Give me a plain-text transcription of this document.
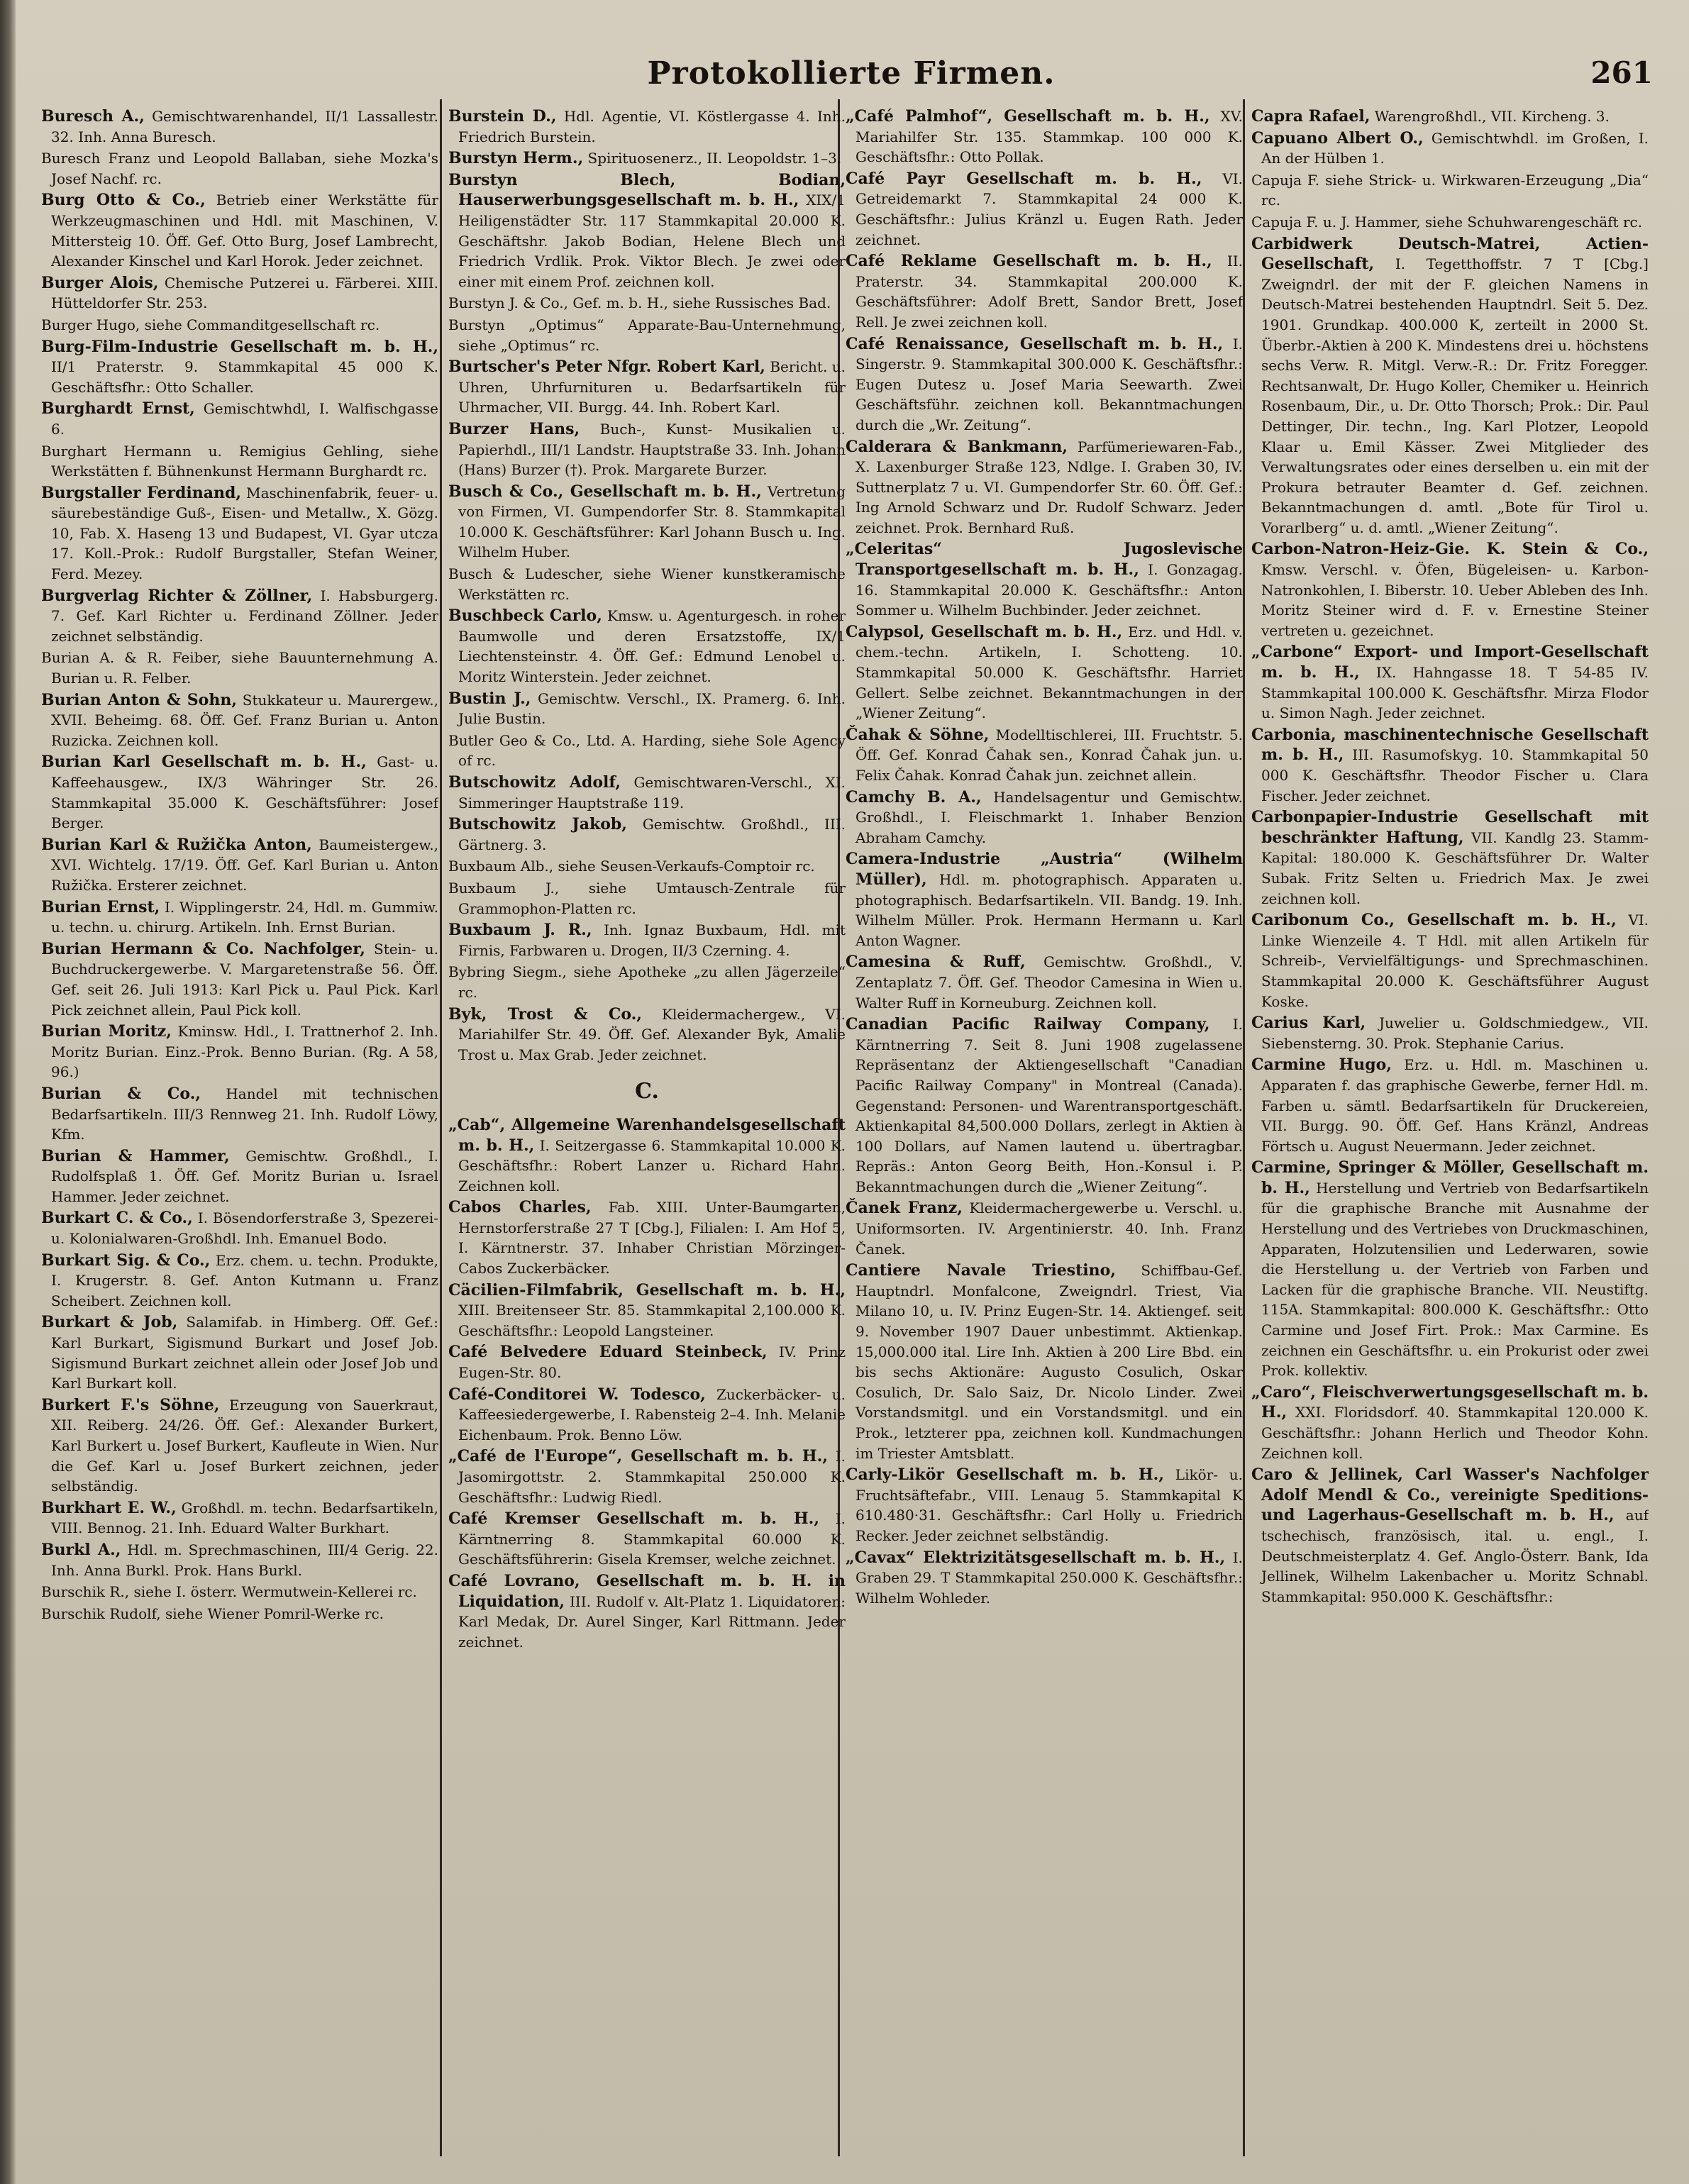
Protokollierte Firmen.	261
Buresch A., Gemischtwarenhandel, II/1 Lassallestr. 32. Inh. Anna Buresch.
Buresch Franz und Leopold Ballaban, siehe Mozka's Josef Nachf. rc.
Burg Otto & Co., Betrieb einer Werkstätte für Werkzeugmaschinen und Hdl. mit Maschinen, V. Mittersteig 10. Öff. Gef. Otto Burg, Josef Lambrecht, Alexander Kinschel und Karl Horok. Jeder zeichnet.
Burger Alois, Chemische Putzerei u. Färberei. XIII. Hütteldorfer Str. 253.
Burger Hugo, siehe Commanditgesellschaft rc.
Burg-Film-Industrie Gesellschaft m. b. H., II/1 Praterstr. 9. Stammkapital 45 000 K. Geschäftsfhr.: Otto Schaller.
Burghardt Ernst, Gemischtwhdl, I. Walfischgasse 6.
Burghart Hermann u. Remigius Gehling, siehe Werkstätten f. Bühnenkunst Hermann Burghardt rc.
Burgstaller Ferdinand, Maschinenfabrik, feuer- u. säurebeständige Guß-, Eisen- und Metallw., X. Gözg. 10, Fab. X. Haseng 13 und Budapest, VI. Gyar utcza 17. Koll.-Prok.: Rudolf Burgstaller, Stefan Weiner, Ferd. Mezey.
Burgverlag Richter & Zöllner, I. Habsburgerg. 7. Gef. Karl Richter u. Ferdinand Zöllner. Jeder zeichnet selbständig.
Burian A. & R. Feiber, siehe Bauunternehmung A. Burian u. R. Felber.
Burian Anton & Sohn, Stukkateur u. Maurergew., XVII. Beheimg. 68. Öff. Gef. Franz Burian u. Anton Ruzicka. Zeichnen koll.
Burian Karl Gesellschaft m. b. H., Gast- u. Kaffeehausgew., IX/3 Währinger Str. 26. Stammkapital 35.000 K. Geschäftsführer: Josef Berger.
Burian Karl & Ružička Anton, Baumeistergew., XVI. Wichtelg. 17/19. Öff. Gef. Karl Burian u. Anton Ružička. Ersterer zeichnet.
Burian Ernst, I. Wipplingerstr. 24, Hdl. m. Gummiw. u. techn. u. chirurg. Artikeln. Inh. Ernst Burian.
Burian Hermann & Co. Nachfolger, Stein- u. Buchdruckergewerbe. V. Margaretenstraße 56. Öff. Gef. seit 26. Juli 1913: Karl Pick u. Paul Pick. Karl Pick zeichnet allein, Paul Pick koll.
Burian Moritz, Kminsw. Hdl., I. Trattnerhof 2. Inh. Moritz Burian. Einz.-Prok. Benno Burian. (Rg. A 58, 96.)
Burian & Co., Handel mit technischen Bedarfsartikeln. III/3 Rennweg 21. Inh. Rudolf Löwy, Kfm.
Burian & Hammer, Gemischtw. Großhdl., I. Rudolfsplaß 1. Öff. Gef. Moritz Burian u. Israel Hammer. Jeder zeichnet.
Burkart C. & Co., I. Bösendorferstraße 3, Spezerei- u. Kolonialwaren-Großhdl. Inh. Emanuel Bodo.
Burkart Sig. & Co., Erz. chem. u. techn. Produkte, I. Krugerstr. 8. Gef. Anton Kutmann u. Franz Scheibert. Zeichnen koll.
Burkart & Job, Salamifab. in Himberg. Off. Gef.: Karl Burkart, Sigismund Burkart und Josef Job. Sigismund Burkart zeichnet allein oder Josef Job und Karl Burkart koll.
Burkert F.'s Söhne, Erzeugung von Sauerkraut, XII. Reiberg. 24/26. Öff. Gef.: Alexander Burkert, Karl Burkert u. Josef Burkert, Kaufleute in Wien. Nur die Gef. Karl u. Josef Burkert zeichnen, jeder selbständig.
Burkhart E. W., Großhdl. m. techn. Bedarfsartikeln, VIII. Bennog. 21. Inh. Eduard Walter Burkhart.
Burkl A., Hdl. m. Sprechmaschinen, III/4 Gerig. 22. Inh. Anna Burkl. Prok. Hans Burkl.
Burschik R., siehe I. österr. Wermutwein-Kellerei rc.
Burschik Rudolf, siehe Wiener Pomril-Werke rc.
Burstein D., Hdl. Agentie, VI. Köstlergasse 4. Inh. Friedrich Burstein.
Burstyn Herm., Spirituosenerz., II. Leopoldstr. 1–3.
Burstyn Blech, Bodian, Hauserwerbungsgesellschaft m. b. H., XIX/1 Heiligenstädter Str. 117 Stammkapital 20.000 K. Geschäftshr. Jakob Bodian, Helene Blech und Friedrich Vrdlik. Prok. Viktor Blech. Je zwei oder einer mit einem Prof. zeichnen koll.
Burstyn J. & Co., Gef. m. b. H., siehe Russisches Bad.
Burstyn „Optimus“ Apparate-Bau-Unternehmung, siehe „Optimus“ rc.
Burtscher's Peter Nfgr. Robert Karl, Bericht. u. Uhren, Uhrfurnituren u. Bedarfsartikeln für Uhrmacher, VII. Burgg. 44. Inh. Robert Karl.
Burzer Hans, Buch-, Kunst- Musikalien u. Papierhdl., III/1 Landstr. Hauptstraße 33. Inh. Johann (Hans) Burzer (†). Prok. Margarete Burzer.
Busch & Co., Gesellschaft m. b. H., Vertretung von Firmen, VI. Gumpendorfer Str. 8. Stammkapital 10.000 K. Geschäftsführer: Karl Johann Busch u. Ing. Wilhelm Huber.
Busch & Ludescher, siehe Wiener kunstkeramische Werkstätten rc.
Buschbeck Carlo, Kmsw. u. Agenturgesch. in roher Baumwolle und deren Ersatzstoffe, IX/1 Liechtensteinstr. 4. Öff. Gef.: Edmund Lenobel u. Moritz Winterstein. Jeder zeichnet.
Bustin J., Gemischtw. Verschl., IX. Pramerg. 6. Inh. Julie Bustin.
Butler Geo & Co., Ltd. A. Harding, siehe Sole Agency of rc.
Butschowitz Adolf, Gemischtwaren-Verschl., XI. Simmeringer Hauptstraße 119.
Butschowitz Jakob, Gemischtw. Großhdl., III. Gärtnerg. 3.
Buxbaum Alb., siehe Seusen-Verkaufs-Comptoir rc.
Buxbaum J., siehe Umtausch-Zentrale für Grammophon-Platten rc.
Buxbaum J. R., Inh. Ignaz Buxbaum, Hdl. mit Firnis, Farbwaren u. Drogen, II/3 Czerning. 4.
Bybring Siegm., siehe Apotheke „zu allen Jägerzeile“ rc.
Byk, Trost & Co., Kleidermachergew., VI. Mariahilfer Str. 49. Öff. Gef. Alexander Byk, Amalie Trost u. Max Grab. Jeder zeichnet.
C.
„Cab“, Allgemeine Warenhandelsgesellschaft m. b. H., I. Seitzergasse 6. Stammkapital 10.000 K. Geschäftsfhr.: Robert Lanzer u. Richard Hahn. Zeichnen koll.
Cabos Charles, Fab. XIII. Unter-Baumgarten, Hernstorferstraße 27 T [Cbg.], Filialen: I. Am Hof 5, I. Kärntnerstr. 37. Inhaber Christian Mörzinger-Cabos Zuckerbäcker.
Cäcilien-Filmfabrik, Gesellschaft m. b. H., XIII. Breitenseer Str. 85. Stammkapital 2,100.000 K. Geschäftsfhr.: Leopold Langsteiner.
Café Belvedere Eduard Steinbeck, IV. Prinz Eugen-Str. 80.
Café-Conditorei W. Todesco, Zuckerbäcker- u. Kaffeesiedergewerbe, I. Rabensteig 2–4. Inh. Melanie Eichenbaum. Prok. Benno Löw.
„Café de l'Europe“, Gesellschaft m. b. H., I. Jasomirgottstr. 2. Stammkapital 250.000 K. Geschäftsfhr.: Ludwig Riedl.
Café Kremser Gesellschaft m. b. H., I. Kärntnerring 8. Stammkapital 60.000 K. Geschäftsführerin: Gisela Kremser, welche zeichnet.
Café Lovrano, Gesellschaft m. b. H. in Liquidation, III. Rudolf v. Alt-Platz 1. Liquidatoren: Karl Medak, Dr. Aurel Singer, Karl Rittmann. Jeder zeichnet.
„Café Palmhof“, Gesellschaft m. b. H., XV. Mariahilfer Str. 135. Stammkap. 100 000 K. Geschäftsfhr.: Otto Pollak.
Café Payr Gesellschaft m. b. H., VI. Getreidemarkt 7. Stammkapital 24 000 K. Geschäftsfhr.: Julius Kränzl u. Eugen Rath. Jeder zeichnet.
Café Reklame Gesellschaft m. b. H., II. Praterstr. 34. Stammkapital 200.000 K. Geschäftsführer: Adolf Brett, Sandor Brett, Josef Rell. Je zwei zeichnen koll.
Café Renaissance, Gesellschaft m. b. H., I. Singerstr. 9. Stammkapital 300.000 K. Geschäftsfhr.: Eugen Dutesz u. Josef Maria Seewarth. Zwei Geschäftsführ. zeichnen koll. Bekanntmachungen durch die „Wr. Zeitung“.
Calderara & Bankmann, Parfümeriewaren-Fab., X. Laxenburger Straße 123, Ndlge. I. Graben 30, IV. Suttnerplatz 7 u. VI. Gumpendorfer Str. 60. Öff. Gef.: Ing Arnold Schwarz und Dr. Rudolf Schwarz. Jeder zeichnet. Prok. Bernhard Ruß.
„Celeritas“ Jugoslevische Transportgesellschaft m. b. H., I. Gonzagag. 16. Stammkapital 20.000 K. Geschäftsfhr.: Anton Sommer u. Wilhelm Buchbinder. Jeder zeichnet.
Calypsol, Gesellschaft m. b. H., Erz. und Hdl. v. chem.-techn. Artikeln, I. Schotteng. 10. Stammkapital 50.000 K. Geschäftsfhr. Harriet Gellert. Selbe zeichnet. Bekanntmachungen in der „Wiener Zeitung“.
Čahak & Söhne, Modelltischlerei, III. Fruchtstr. 5. Öff. Gef. Konrad Čahak sen., Konrad Čahak jun. u. Felix Čahak. Konrad Čahak jun. zeichnet allein.
Camchy B. A., Handelsagentur und Gemischtw. Großhdl., I. Fleischmarkt 1. Inhaber Benzion Abraham Camchy.
Camera-Industrie „Austria“ (Wilhelm Müller), Hdl. m. photographisch. Apparaten u. photographisch. Bedarfsartikeln. VII. Bandg. 19. Inh. Wilhelm Müller. Prok. Hermann Hermann u. Karl Anton Wagner.
Camesina & Ruff, Gemischtw. Großhdl., V. Zentaplatz 7. Öff. Gef. Theodor Camesina in Wien u. Walter Ruff in Korneuburg. Zeichnen koll.
Canadian Pacific Railway Company, I. Kärntnerring 7. Seit 8. Juni 1908 zugelassene Repräsentanz der Aktiengesellschaft "Canadian Pacific Railway Company" in Montreal (Canada). Gegenstand: Personen- und Warentransportgeschäft. Aktienkapital 84,500.000 Dollars, zerlegt in Aktien à 100 Dollars, auf Namen lautend u. übertragbar. Repräs.: Anton Georg Beith, Hon.-Konsul i. P. Bekanntmachungen durch die „Wiener Zeitung“.
Čanek Franz, Kleidermachergewerbe u. Verschl. u. Uniformsorten. IV. Argentinierstr. 40. Inh. Franz Čanek.
Cantiere Navale Triestino, Schiffbau-Gef. Hauptndrl. Monfalcone, Zweigndrl. Triest, Via Milano 10, u. IV. Prinz Eugen-Str. 14. Aktiengef. seit 9. November 1907 Dauer unbestimmt. Aktienkap. 15,000.000 ital. Lire Inh. Aktien à 200 Lire Bbd. ein bis sechs Aktionäre: Augusto Cosulich, Oskar Cosulich, Dr. Salo Saiz, Dr. Nicolo Linder. Zwei Vorstandsmitgl. und ein Vorstandsmitgl. und ein Prok., letzterer ppa, zeichnen koll. Kundmachungen im Triester Amtsblatt.
Carly-Likör Gesellschaft m. b. H., Likör- u. Fruchtsäftefabr., VIII. Lenaug 5. Stammkapital K 610.480·31. Geschäftsfhr.: Carl Holly u. Friedrich Recker. Jeder zeichnet selbständig.
„Cavax“ Elektrizitätsgesellschaft m. b. H., I. Graben 29. T Stammkapital 250.000 K. Geschäftsfhr.: Wilhelm Wohleder.
Capra Rafael, Warengroßhdl., VII. Kircheng. 3.
Capuano Albert O., Gemischtwhdl. im Großen, I. An der Hülben 1.
Capuja F. siehe Strick- u. Wirkwaren-Erzeugung „Dia“ rc.
Capuja F. u. J. Hammer, siehe Schuhwarengeschäft rc.
Carbidwerk Deutsch-Matrei, Actien-Gesellschaft, I. Tegetthoffstr. 7 T [Cbg.] Zweigndrl. der mit der F. gleichen Namens in Deutsch-Matrei bestehenden Hauptndrl. Seit 5. Dez. 1901. Grundkap. 400.000 K, zerteilt in 2000 St. Überbr.-Aktien à 200 K. Mindestens drei u. höchstens sechs Verw. R. Mitgl. Verw.-R.: Dr. Fritz Foregger. Rechtsanwalt, Dr. Hugo Koller, Chemiker u. Heinrich Rosenbaum, Dir., u. Dr. Otto Thorsch; Prok.: Dir. Paul Dettinger, Dir. techn., Ing. Karl Plotzer, Leopold Klaar u. Emil Kässer. Zwei Mitglieder des Verwaltungsrates oder eines derselben u. ein mit der Prokura betrauter Beamter d. Gef. zeichnen. Bekanntmachungen d. amtl. „Bote für Tirol u. Vorarlberg“ u. d. amtl. „Wiener Zeitung“.
Carbon-Natron-Heiz-Gie. K. Stein & Co., Kmsw. Verschl. v. Öfen, Bügeleisen- u. Karbon-Natronkohlen, I. Biberstr. 10. Ueber Ableben des Inh. Moritz Steiner wird d. F. v. Ernestine Steiner vertreten u. gezeichnet.
„Carbone“ Export- und Import-Gesellschaft m. b. H., IX. Hahngasse 18. T 54-85 IV. Stammkapital 100.000 K. Geschäftsfhr. Mirza Flodor u. Simon Nagh. Jeder zeichnet.
Carbonia, maschinentechnische Gesellschaft m. b. H., III. Rasumofskyg. 10. Stammkapital 50 000 K. Geschäftsfhr. Theodor Fischer u. Clara Fischer. Jeder zeichnet.
Carbonpapier-Industrie Gesellschaft mit beschränkter Haftung, VII. Kandlg 23. Stamm-Kapital: 180.000 K. Geschäftsführer Dr. Walter Subak. Fritz Selten u. Friedrich Max. Je zwei zeichnen koll.
Caribonum Co., Gesellschaft m. b. H., VI. Linke Wienzeile 4. T Hdl. mit allen Artikeln für Schreib-, Vervielfältigungs- und Sprechmaschinen. Stammkapital 20.000 K. Geschäftsführer August Koske.
Carius Karl, Juwelier u. Goldschmiedgew., VII. Siebensterng. 30. Prok. Stephanie Carius.
Carmine Hugo, Erz. u. Hdl. m. Maschinen u. Apparaten f. das graphische Gewerbe, ferner Hdl. m. Farben u. sämtl. Bedarfsartikeln für Druckereien, VII. Burgg. 90. Öff. Gef. Hans Kränzl, Andreas Förtsch u. August Neuermann. Jeder zeichnet.
Carmine, Springer & Möller, Gesellschaft m. b. H., Herstellung und Vertrieb von Bedarfsartikeln für die graphische Branche mit Ausnahme der Herstellung und des Vertriebes von Druckmaschinen, Apparaten, Holzutensilien und Lederwaren, sowie die Herstellung u. der Vertrieb von Farben und Lacken für die graphische Branche. VII. Neustiftg. 115A. Stammkapital: 800.000 K. Geschäftsfhr.: Otto Carmine und Josef Firt. Prok.: Max Carmine. Es zeichnen ein Geschäftsfhr. u. ein Prokurist oder zwei Prok. kollektiv.
„Caro“, Fleischverwertungsgesellschaft m. b. H., XXI. Floridsdorf. 40. Stammkapital 120.000 K. Geschäftsfhr.: Johann Herlich und Theodor Kohn. Zeichnen koll.
Caro & Jellinek, Carl Wasser's Nachfolger Adolf Mendl & Co., vereinigte Speditions- und Lagerhaus-Gesellschaft m. b. H., auf tschechisch, französisch, ital. u. engl., I. Deutschmeisterplatz 4. Gef. Anglo-Österr. Bank, Ida Jellinek, Wilhelm Lakenbacher u. Moritz Schnabl. Stammkapital: 950.000 K. Geschäftsfhr.:
